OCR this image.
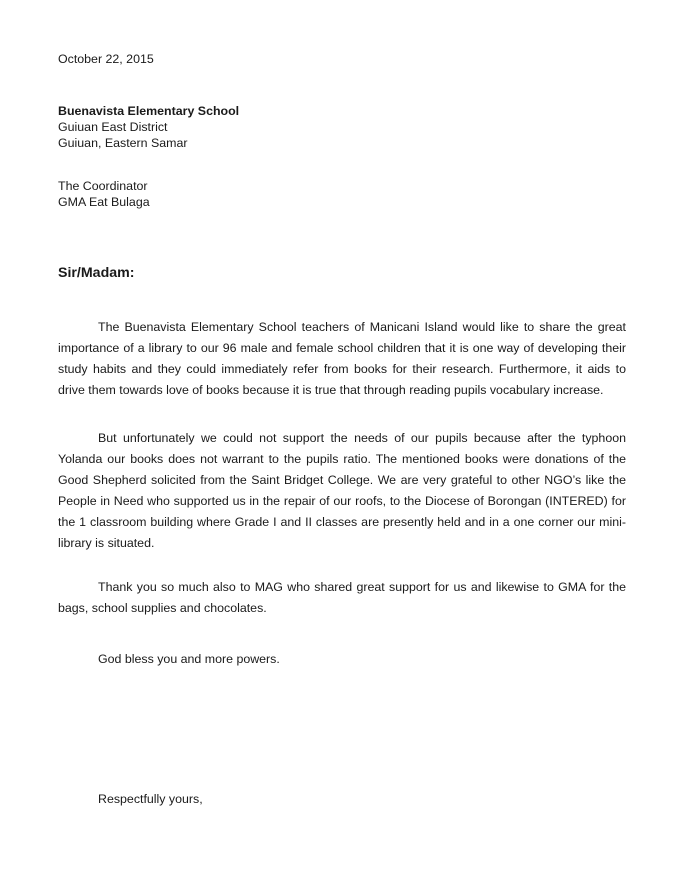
October 22, 2015
Buenavista Elementary School
Guiuan East District
Guiuan, Eastern Samar
The Coordinator
GMA Eat Bulaga
Sir/Madam:

The Buenavista Elementary School teachers of Manicani Island would like to share the great importance of a library to our 96 male and female school children that it is one way of developing their study habits and they could immediately refer from books for their research. Furthermore, it aids to drive them towards love of books because it is true that through reading pupils vocabulary increase.

But unfortunately we could not support the needs of our pupils because after the typhoon Yolanda our books does not warrant to the pupils ratio. The mentioned books were donations of the Good Shepherd solicited from the Saint Bridget College. We are very grateful to other NGO’s like the People in Need who supported us in the repair of our roofs, to the Diocese of Borongan (INTERED) for the 1 classroom building where Grade I and II classes are presently held and in a one corner our mini-library is situated.

Thank you so much also to MAG who shared great support for us and likewise to GMA for the bags, school supplies and chocolates.

God bless you and more powers.
Respectfully yours,
